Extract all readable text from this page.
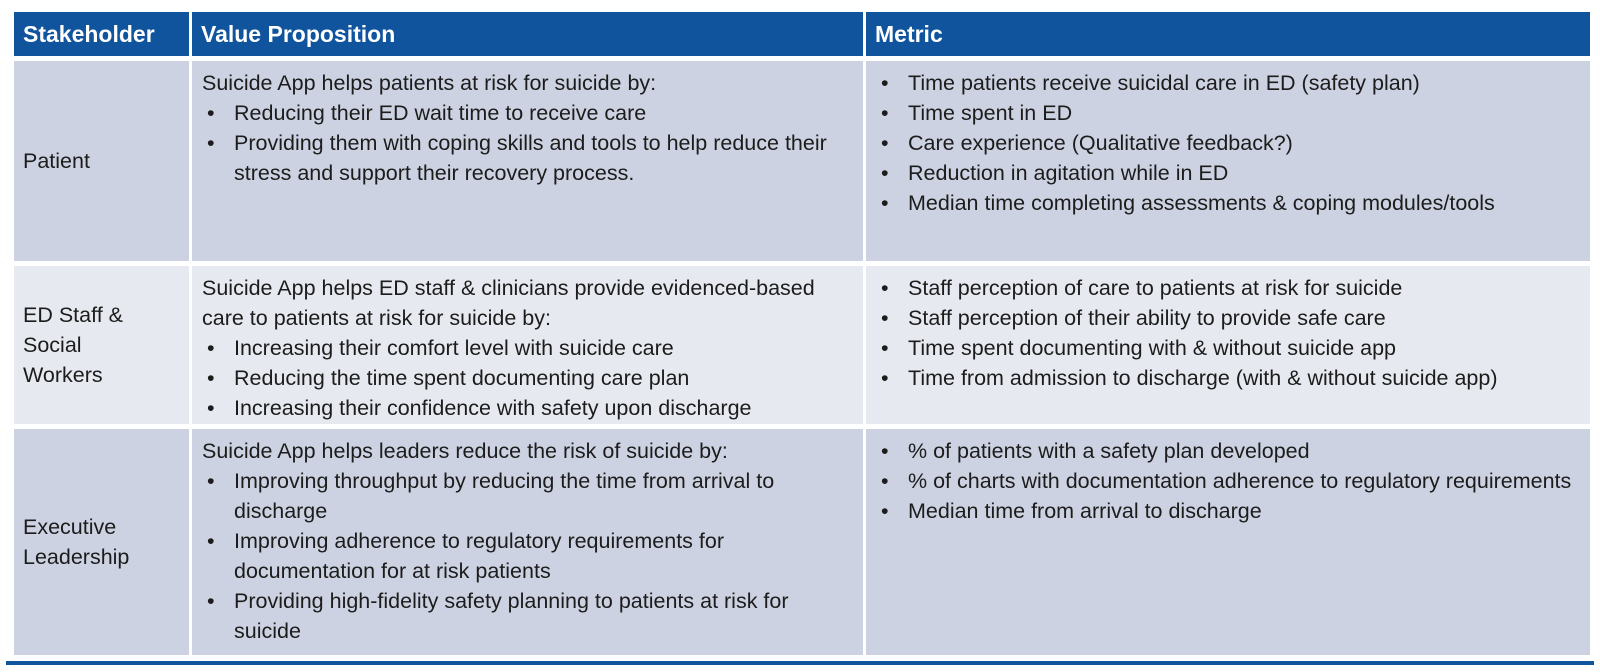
Stakeholder Value Proposition	Metric
Patient

Suicide App helps patients at risk for suicide by:

• Reducing their ED wait time to receive care
• Providing them with coping skills and tools to help reduce their stress and support their recovery process.
• Time patients receive suicidal care in ED (safety plan)
• Time spent in ED
• Care experience (Qualitative feedback?)
• Reduction in agitation while in ED
• Median time completing assessments & coping modules/tools
ED Staff & Social Workers

Suicide App helps ED staff & clinicians provide evidenced-based care to patients at risk for suicide by:

• Increasing their comfort level with suicide care
• Reducing the time spent documenting care plan
• Increasing their confidence with safety upon discharge
• Staff perception of care to patients at risk for suicide
• Staff perception of their ability to provide safe care
• Time spent documenting with & without suicide app
• Time from admission to discharge (with & without suicide app)
Executive Leadership

Suicide App helps leaders reduce the risk of suicide by:

• Improving throughput by reducing the time from arrival to discharge
• Improving adherence to regulatory requirements for documentation for at risk patients
• Providing high-fidelity safety planning to patients at risk for suicide
• % of patients with a safety plan developed
• % of charts with documentation adherence to regulatory requirements
• Median time from arrival to discharge
